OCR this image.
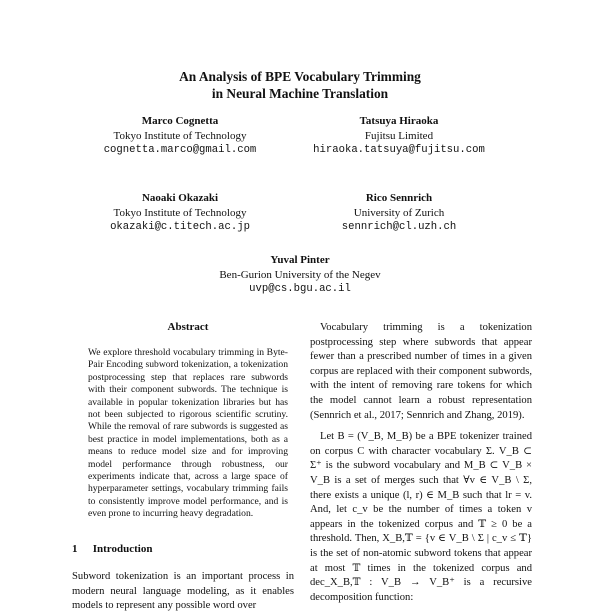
An Analysis of BPE Vocabulary Trimming
in Neural Machine Translation
Marco Cognetta
Tokyo Institute of Technology
cognetta.marco@gmail.com
Tatsuya Hiraoka
Fujitsu Limited
hiraoka.tatsuya@fujitsu.com
Naoaki Okazaki
Tokyo Institute of Technology
okazaki@c.titech.ac.jp
Rico Sennrich
University of Zurich
sennrich@cl.uzh.ch
Yuval Pinter
Ben-Gurion University of the Negev
uvp@cs.bgu.ac.il
Abstract

We explore threshold vocabulary trimming in Byte-Pair Encoding subword tokenization, a tokenization postprocessing step that replaces rare subwords with their component subwords. The technique is available in popular tokenization libraries but has not been subjected to rigorous scientific scrutiny. While the removal of rare subwords is suggested as best practice in model implementations, both as a means to reduce model size and for improving model performance through robustness, our experiments indicate that, across a large space of hyperparameter settings, vocabulary trimming fails to consistently improve model performance, and is even prone to incurring heavy degradation.

1 Introduction

Subword tokenization is an important process in modern neural language modeling, as it enables models to represent any possible word over

Vocabulary trimming is a tokenization postprocessing step where subwords that appear fewer than a prescribed number of times in a given corpus are replaced with their component subwords, with the intent of removing rare tokens for which the model cannot learn a robust representation (Sennrich et al., 2017; Sennrich and Zhang, 2019).

Let B = (V_B, M_B) be a BPE tokenizer trained on corpus C with character vocabulary Σ. V_B ⊂ Σ⁺ is the subword vocabulary and M_B ⊂ V_B × V_B is a set of merges such that ∀v ∈ V_B \ Σ, there exists a unique (l, r) ∈ M_B such that lr = v. And, let c_v be the number of times a token v appears in the tokenized corpus and 𝕋 ≥ 0 be a threshold. Then, X_B,𝕋 = {v ∈ V_B \ Σ | c_v ≤ 𝕋} is the set of non-atomic subword tokens that appear at most 𝕋 times in the tokenized corpus and dec_X_B,𝕋 : V_B → V_B⁺ is a recursive decomposition function:
